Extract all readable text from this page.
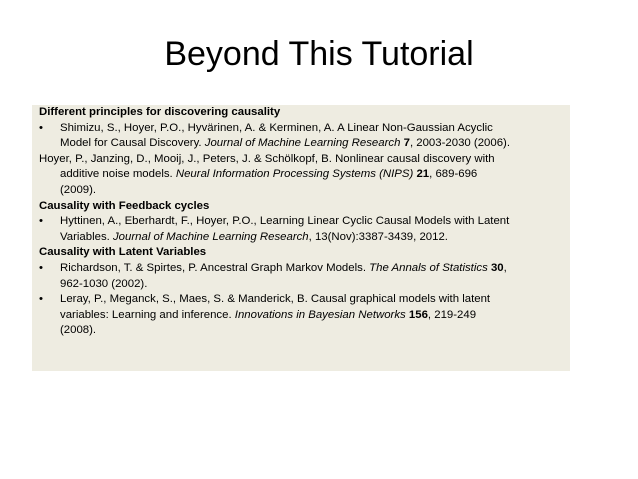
Beyond This Tutorial
Different principles for discovering causality
• Shimizu, S., Hoyer, P.O., Hyvärinen, A. & Kerminen, A. A Linear Non-Gaussian Acyclic
Model for Causal Discovery. Journal of Machine Learning Research 7, 2003-2030 (2006).
Hoyer, P., Janzing, D., Mooij, J., Peters, J. & Schölkopf, B. Nonlinear causal discovery with
additive noise models. Neural Information Processing Systems (NIPS) 21, 689-696
(2009).
Causality with Feedback cycles
• Hyttinen, A., Eberhardt, F., Hoyer, P.O., Learning Linear Cyclic Causal Models with Latent
Variables. Journal of Machine Learning Research, 13(Nov):3387-3439, 2012.
Causality with Latent Variables
• Richardson, T. & Spirtes, P. Ancestral Graph Markov Models. The Annals of Statistics 30,
962-1030 (2002).
• Leray, P., Meganck, S., Maes, S. & Manderick, B. Causal graphical models with latent
variables: Learning and inference. Innovations in Bayesian Networks 156, 219-249
(2008).
